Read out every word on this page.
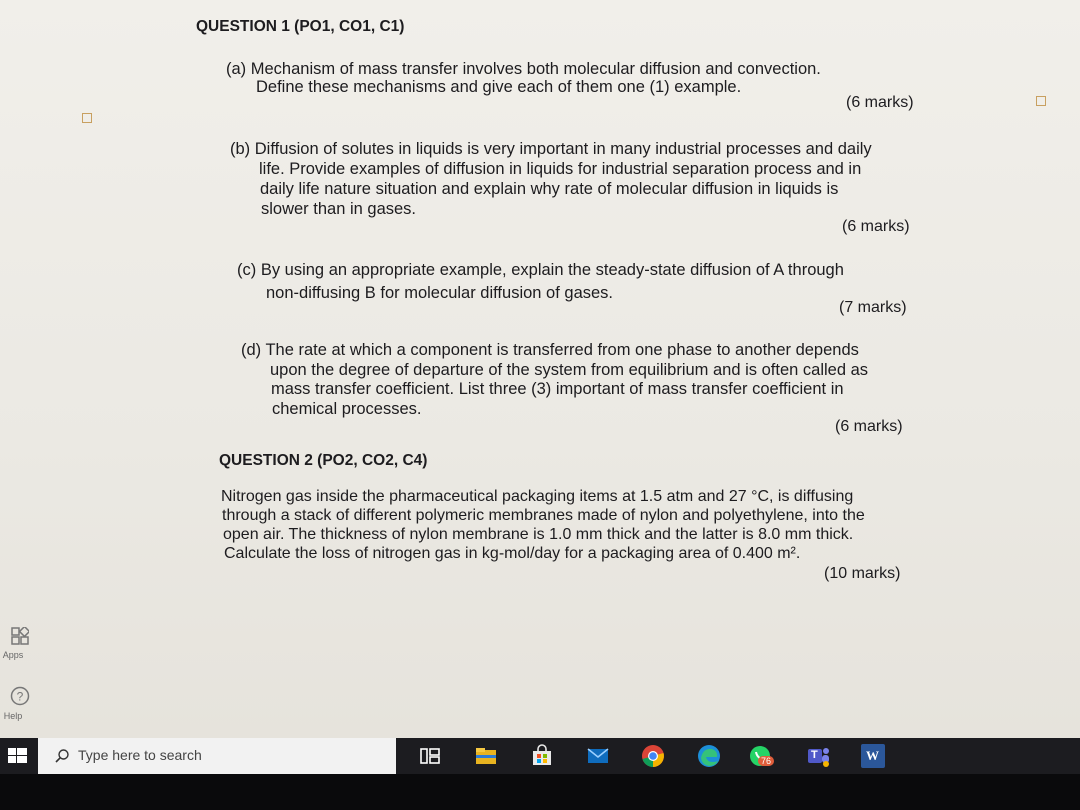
QUESTION 1 (PO1, CO1, C1)
(a) Mechanism of mass transfer involves both molecular diffusion and convection.
Define these mechanisms and give each of them one (1) example.
(6 marks)
(b) Diffusion of solutes in liquids is very important in many industrial processes and daily
life. Provide examples of diffusion in liquids for industrial separation process and in
daily life nature situation and explain why rate of molecular diffusion in liquids is
slower than in gases.
(6 marks)
(c) By using an appropriate example, explain the steady-state diffusion of A through
non-diffusing B for molecular diffusion of gases.
(7 marks)
(d) The rate at which a component is transferred from one phase to another depends
upon the degree of departure of the system from equilibrium and is often called as
mass transfer coefficient. List three (3) important of mass transfer coefficient in
chemical processes.
(6 marks)
QUESTION 2 (PO2, CO2, C4)
Nitrogen gas inside the pharmaceutical packaging items at 1.5 atm and 27 °C, is diffusing
through a stack of different polymeric membranes made of nylon and polyethylene, into the
open air. The thickness of nylon membrane is 1.0 mm thick and the latter is 8.0 mm thick.
Calculate the loss of nitrogen gas in kg-mol/day for a packaging area of 0.400 m².
(10 marks)
Apps
?
Help
Type here to search	76	T	W
